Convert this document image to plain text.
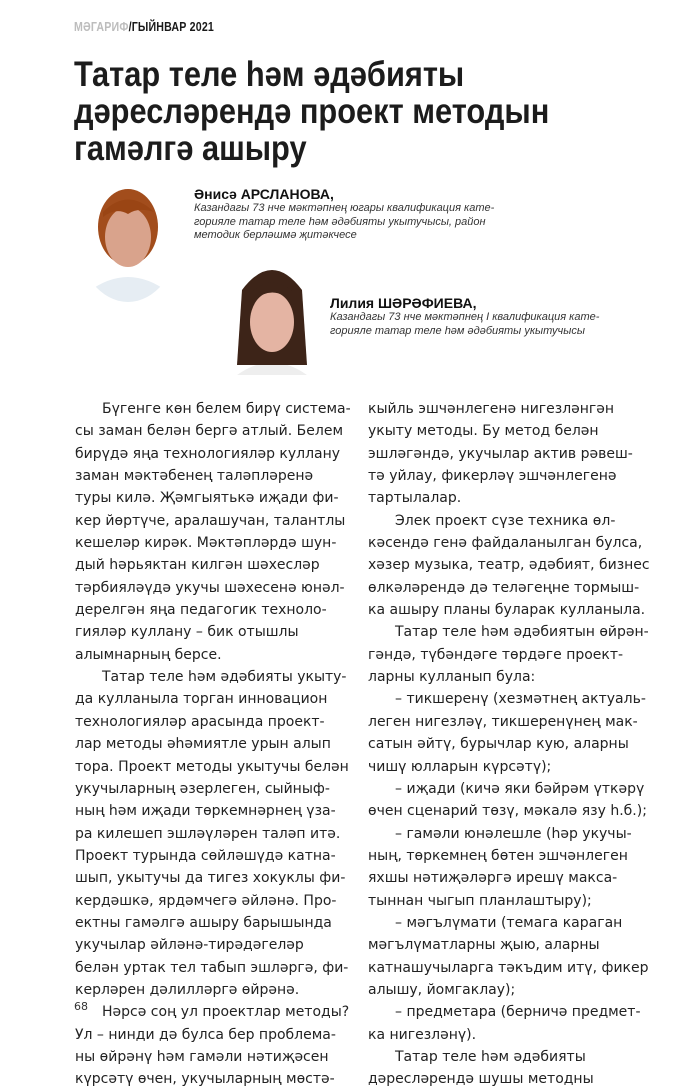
МӘГАРИФ/ГЫЙНВАР 2021
Татар теле һәм әдәбияты
дәресләрендә проект методын
гамәлгә ашыру
Әнисә АРСЛАНОВА,
Казандагы 73 нче мәктәпнең югары квалификация кате-
горияле татар теле һәм әдәбияты укытучысы, район
методик берләшмә җитәкчесе
Лилия ШӘРӘФИЕВА,
Казандагы 73 нче мәктәпнең I квалификация кате-
горияле татар теле һәм әдәбияты укытучысы
Бүгенге көн белем бирү система-
сы заман белән бергә атлый. Белем
бирүдә яңа технологияләр куллану
заман мәктәбенең таләпләренә
туры килә. Җәмгыятькә иҗади фи-
кер йөртүче, аралашучан, талантлы
кешеләр кирәк. Мәктәпләрдә шун-
дый һәрьяктан килгән шәхесләр
тәрбияләүдә укучы шәхесенә юнәл-
дерелгән яңа педагогик техноло-
гияләр куллану – бик отышлы
алымнарның берсе.
Татар теле һәм әдәбияты укыту-
да кулланыла торган инновацион
технологияләр арасында проект-
лар методы әһәмиятле урын алып
тора. Проект методы укытучы белән
укучыларның әзерлеген, сыйныф-
ның һәм иҗади төркемнәрнең үза-
ра килешеп эшләүләрен таләп итә.
Проект турында сөйләшүдә катна-
шып, укытучы да тигез хокуклы фи-
кердәшкә, ярдәмчегә әйләнә. Про-
ектны гамәлгә ашыру барышында
укучылар әйләнә-тирәдәгеләр
белән уртак тел табып эшләргә, фи-
керләрен дәлилләргә өйрәнә.
Нәрсә соң ул проектлар методы?
Ул – нинди дә булса бер проблема-
ны өйрәнү һәм гамәли нәтиҗәсен
күрсәтү өчен, укучыларның мөстә-
кыйль эшчәнлегенә нигезләнгән
укыту методы. Бу метод белән
эшләгәндә, укучылар актив рәвеш-
тә уйлау, фикерләү эшчәнлегенә
тартылалар.
Элек проект сүзе техника өл-
кәсендә генә файдаланылган булса,
хәзер музыка, театр, әдәбият, бизнес
өлкәләрендә дә теләгеңне тормыш-
ка ашыру планы буларак кулланыла.
Татар теле һәм әдәбиятын өйрән-
гәндә, түбәндәге төрдәге проект-
ларны кулланып була:
– тикшеренү (хезмәтнең актуаль-
леген нигезләү, тикшеренүнең мак-
сатын әйтү, бурычлар кую, аларны
чишү юлларын күрсәтү);
– иҗади (кичә яки бәйрәм үткәрү
өчен сценарий төзү, мәкалә язу һ.б.);
– гамәли юнәлешле (һәр укучы-
ның, төркемнең бөтен эшчәнлеген
яхшы нәтиҗәләргә ирешү макса-
тыннан чыгып планлаштыру);
– мәгълүмати (темага караган
мәгълүматларны җыю, аларны
катнашучыларга тәкъдим итү, фикер
алышу, йомгаклау);
– предметара (берничә предмет-
ка нигезләнү).
Татар теле һәм әдәбияты
дәресләрендә шушы методны
68
